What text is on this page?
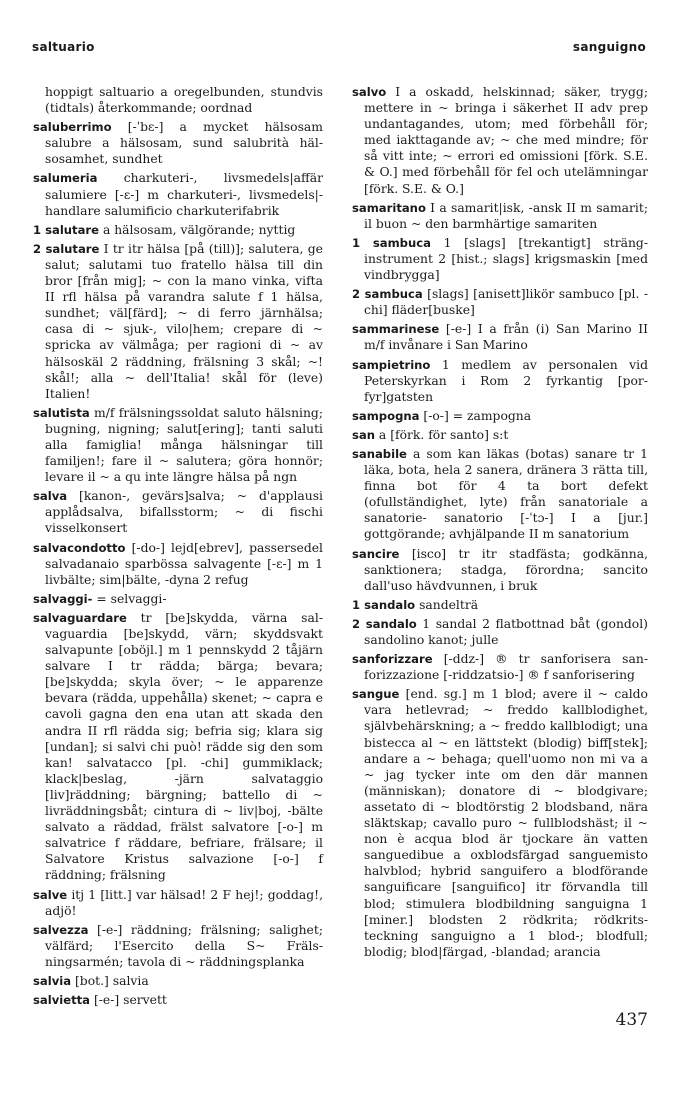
saltuario	sanguigno

hoppigt saltuario a oregelbunden, stundvis (tidtals) återkommande; oordnad

saluberrimo [-ˈbɛ-] a mycket hälsosam salubre a hälsosam, sund salubrità hälsosamhet, sundhet

salumeria charkuteri-, livsmedels|affär salumiere [-ɛ-] m charkuteri-, livsmedels|-handlare salumificio charkuterifabrik

1 salutare a hälsosam, välgörande; nyttig

2 salutare I tr itr hälsa [på (till)]; salutera, ge salut; salutami tuo fratello hälsa till din bror [från mig]; ~ con la mano vinka, vifta II rfl hälsa på varandra salute f 1 hälsa, sundhet; väl[färd]; ~ di ferro järnhälsa; casa di ~ sjuk-, vilo|hem; crepare di ~ spricka av välmåga; per ragioni di ~ av hälsoskäl 2 räddning, frälsning 3 skål; ~! skål!; alla ~ dell'Italia! skål för (leve) Italien!

salutista m/f frälsningssoldat saluto hälsning; bugning, nigning; salut[ering]; tanti saluti alla famiglia! många hälsningar till familjen!; fare il ~ salutera; göra honnör; levare il ~ a qu inte längre hälsa på ngn

salva [kanon-, gevärs]salva; ~ d'applausi applådsalva, bifallsstorm; ~ di fischi visselkonsert

salvacondotto [-do-] lejd[ebrev], passersedel salvadanaio sparbössa salvagente [-ɛ-] m 1 livbälte; sim|bälte, -dyna 2 refug

salvaggi- = selvaggi-

salvaguardare tr [be]skydda, värna salvaguardia [be]skydd, värn; skyddsvakt salvapunte [oböjl.] m 1 pennskydd 2 tåjärn salvare I tr rädda; bärga; bevara; [be]skydda; skyla över; ~ le apparenze bevara (rädda, uppehålla) skenet; ~ capra e cavoli gagna den ena utan att skada den andra II rfl rädda sig; befria sig; klara sig [undan]; si salvi chi può! rädde sig den som kan! salvatacco [pl. -chi] gummiklack; klack|beslag, -järn salvataggio [liv]räddning; bärgning; battello di ~ livräddningsbåt; cintura di ~ liv|boj, -bälte salvato a räddad, frälst salvatore [-o-] m salvatrice f räddare, befriare, frälsare; il Salvatore Kristus salvazione [-o-] f räddning; frälsning

salve itj 1 [litt.] var hälsad! 2 F hej!; goddag!, adjö!

salvezza [-e-] räddning; frälsning; salighet; välfärd; l'Esercito della S~ Frälsningsarmén; tavola di ~ räddningsplanka

salvia [bot.] salvia

salvietta [-e-] servett

salvo I a oskadd, helskinnad; säker, trygg; mettere in ~ bringa i säkerhet II adv prep undantagandes, utom; med förbehåll för; med iakttagande av; ~ che med mindre; för så vitt inte; ~ errori ed omissioni [förk. S.E. & O.] med förbehåll för fel och utelämningar [förk. S.E. & O.]

samaritano I a samarit|isk, -ansk II m samarit; il buon ~ den barmhärtige samariten

1 sambuca 1 [slags] [trekantigt] stränginstrument 2 [hist.; slags] krigsmaskin [med vindbrygga]

2 sambuca [slags] [anisett]likör sambuco [pl. -chi] fläder[buske]

sammarinese [-e-] I a från (i) San Marino II m/f invånare i San Marino

sampietrino 1 medlem av personalen vid Peterskyrkan i Rom 2 fyrkantig [porfyr]gatsten

sampogna [-o-] = zampogna

san a [förk. för santo] s:t

sanabile a som kan läkas (botas) sanare tr 1 läka, bota, hela 2 sanera, dränera 3 rätta till, finna bot för 4 ta bort defekt (ofullständighet, lyte) från sanatoriale a sanatorie- sanatorio [-ˈtɔ-] I a [jur.] gottgörande; avhjälpande II m sanatorium

sancire [isco] tr itr stadfästa; godkänna, sanktionera; stadga, förordna; sancito dall'uso hävdvunnen, i bruk

1 sandalo sandelträ

2 sandalo 1 sandal 2 flatbottnad båt (gondol) sandolino kanot; julle

sanforizzare [-ddz-] ® tr sanforisera sanforizzazione [-riddzatsio-] ® f sanforisering

sangue [end. sg.] m 1 blod; avere il ~ caldo vara hetlevrad; ~ freddo kallblodighet, självbehärskning; a ~ freddo kallblodigt; una bistecca al ~ en lättstekt (blodig) biff[stek]; andare a ~ behaga; quell'uomo non mi va a ~ jag tycker inte om den där mannen (människan); donatore di ~ blodgivare; assetato di ~ blodtörstig 2 blodsband, nära släktskap; cavallo puro ~ fullblodshäst; il ~ non è acqua blod är tjockare än vatten sanguedibue a oxblodsfärgad sanguemisto halvblod; hybrid sanguifero a blodförande sanguificare [sanguifico] itr förvandla till blod; stimulera blodbildning sanguigna 1 [miner.] blodsten 2 rödkrita; rödkritsteckning sanguigno a 1 blod-; blodfull; blodig; blod|färgad, -blandad; arancia

437
